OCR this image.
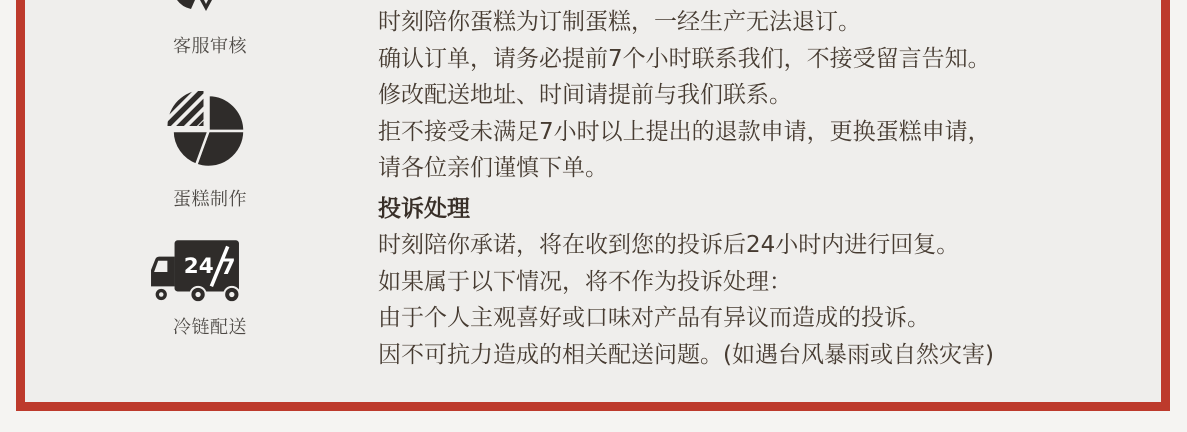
客服审核
蛋糕制作
24 7
冷链配送
时刻陪你蛋糕为订制蛋糕，一经生产无法退订。
确认订单，请务必提前7个小时联系我们，不接受留言告知。
修改配送地址、时间请提前与我们联系。
拒不接受未满足7小时以上提出的退款申请，更换蛋糕申请，
请各位亲们谨慎下单。
投诉处理
时刻陪你承诺，将在收到您的投诉后24小时内进行回复。
如果属于以下情况，将不作为投诉处理：
由于个人主观喜好或口味对产品有异议而造成的投诉。
因不可抗力造成的相关配送问题。(如遇台风暴雨或自然灾害)
